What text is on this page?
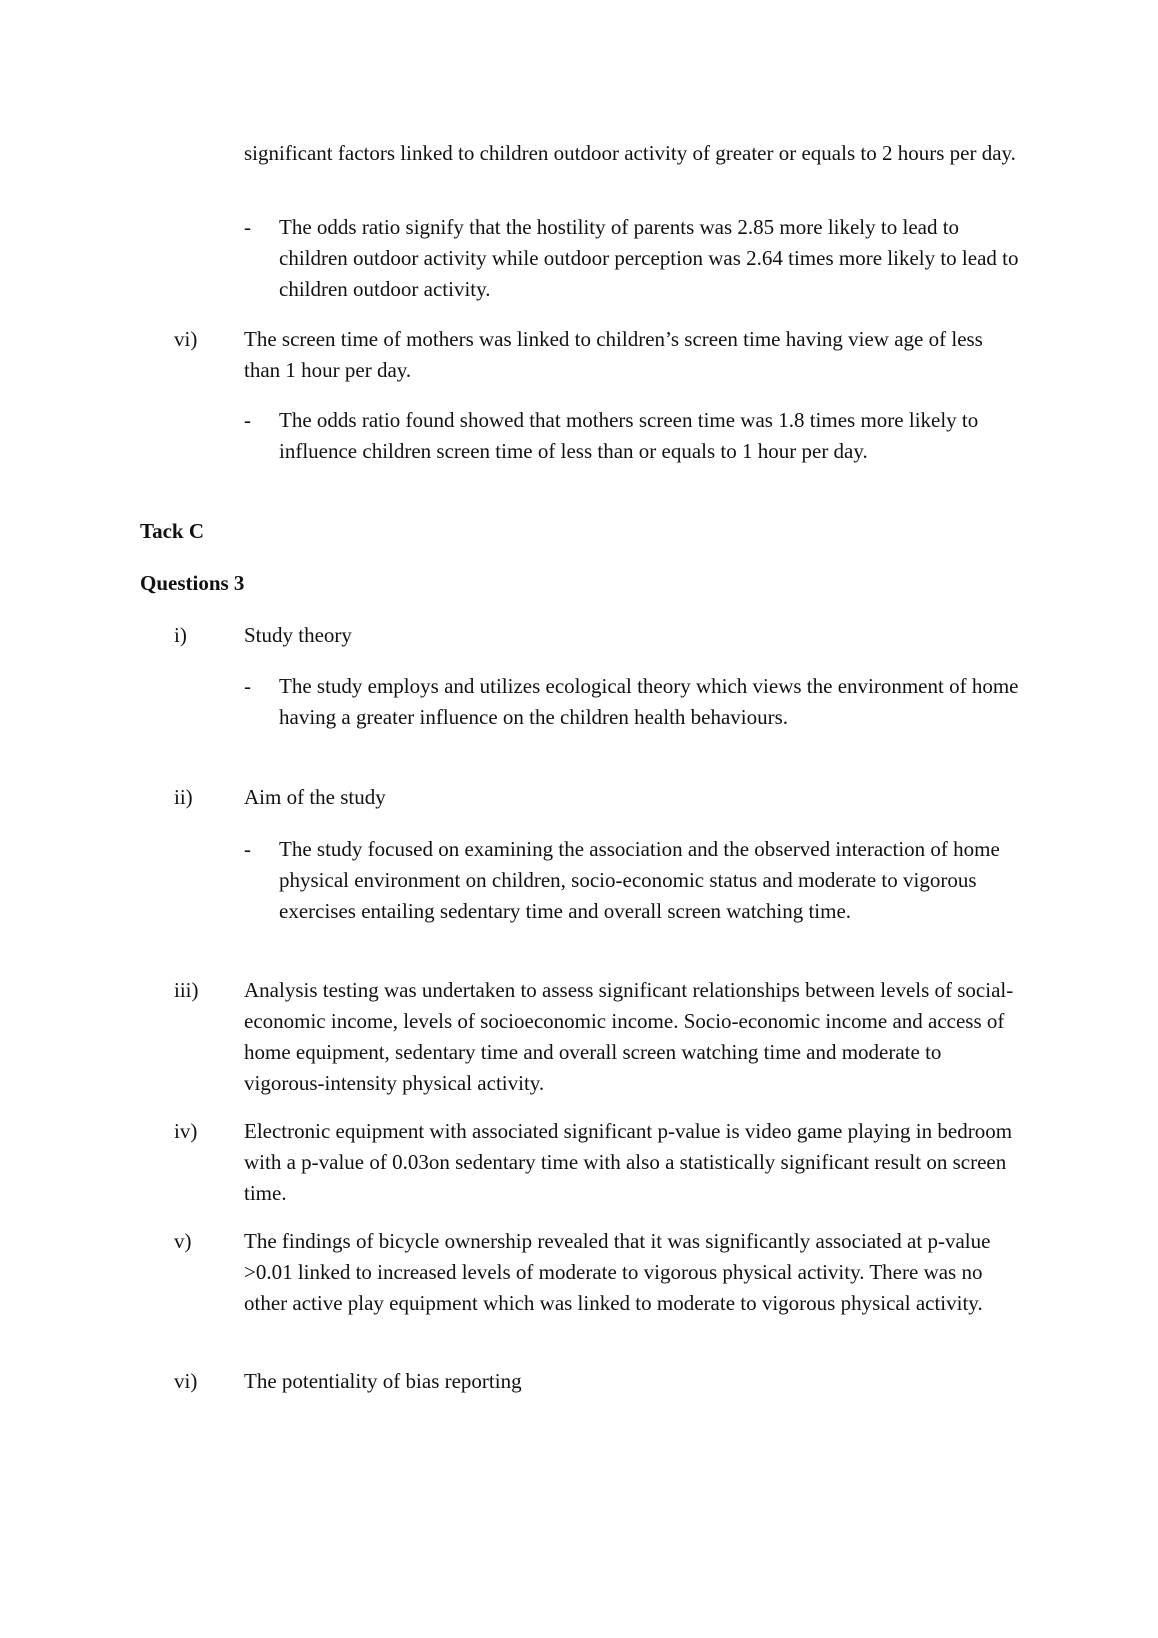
significant factors linked to children outdoor activity of greater or equals to 2 hours per day.

- The odds ratio signify that the hostility of parents was 2.85 more likely to lead to children outdoor activity while outdoor perception was 2.64 times more likely to lead to children outdoor activity.
vi) The screen time of mothers was linked to children’s screen time having view age of less than 1 hour per day.
- The odds ratio found showed that mothers screen time was 1.8 times more likely to influence children screen time of less than or equals to 1 hour per day.
Tack C
Questions 3
i)	Study theory
- The study employs and utilizes ecological theory which views the environment of home having a greater influence on the children health behaviours.
ii) Aim of the study
- The study focused on examining the association and the observed interaction of home physical environment on children, socio-economic status and moderate to vigorous exercises entailing sedentary time and overall screen watching time.
iii) Analysis testing was undertaken to assess significant relationships between levels of social-economic income, levels of socioeconomic income. Socio-economic income and access of home equipment, sedentary time and overall screen watching time and moderate to vigorous-intensity physical activity.
iv) Electronic equipment with associated significant p-value is video game playing in bedroom with a p-value of 0.03on sedentary time with also a statistically significant result on screen time.
v)	The findings of bicycle ownership revealed that it was significantly associated at p-value >0.01 linked to increased levels of moderate to vigorous physical activity. There was no other active play equipment which was linked to moderate to vigorous physical activity.
vi) The potentiality of bias reporting
